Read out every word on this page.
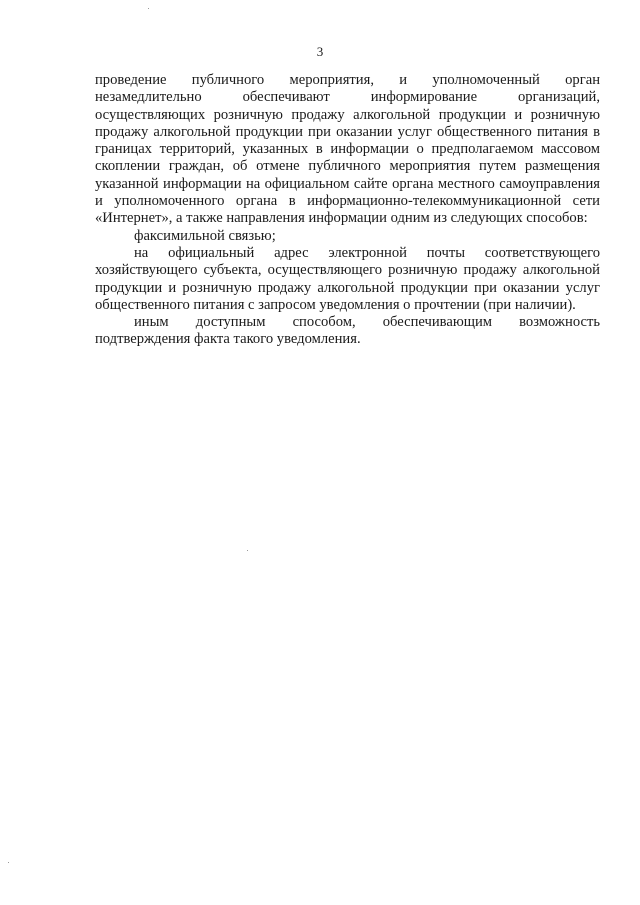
3

проведение публичного мероприятия, и уполномоченный орган незамедлительно обеспечивают информирование организаций, осуществляющих розничную продажу алкогольной продукции и розничную продажу алкогольной продукции при оказании услуг общественного питания в границах территорий, указанных в информации о предполагаемом массовом скоплении граждан, об отмене публичного мероприятия путем размещения указанной информации на официальном сайте органа местного самоуправления и уполномоченного органа в информационно-телекоммуникационной сети «Интернет», а также направления информации одним из следующих способов:

факсимильной связью;

на официальный адрес электронной почты соответствующего хозяйствующего субъекта, осуществляющего розничную продажу алкогольной продукции и розничную продажу алкогольной продукции при оказании услуг общественного питания с запросом уведомления о прочтении (при наличии).

иным доступным способом, обеспечивающим возможность подтверждения факта такого уведомления.
